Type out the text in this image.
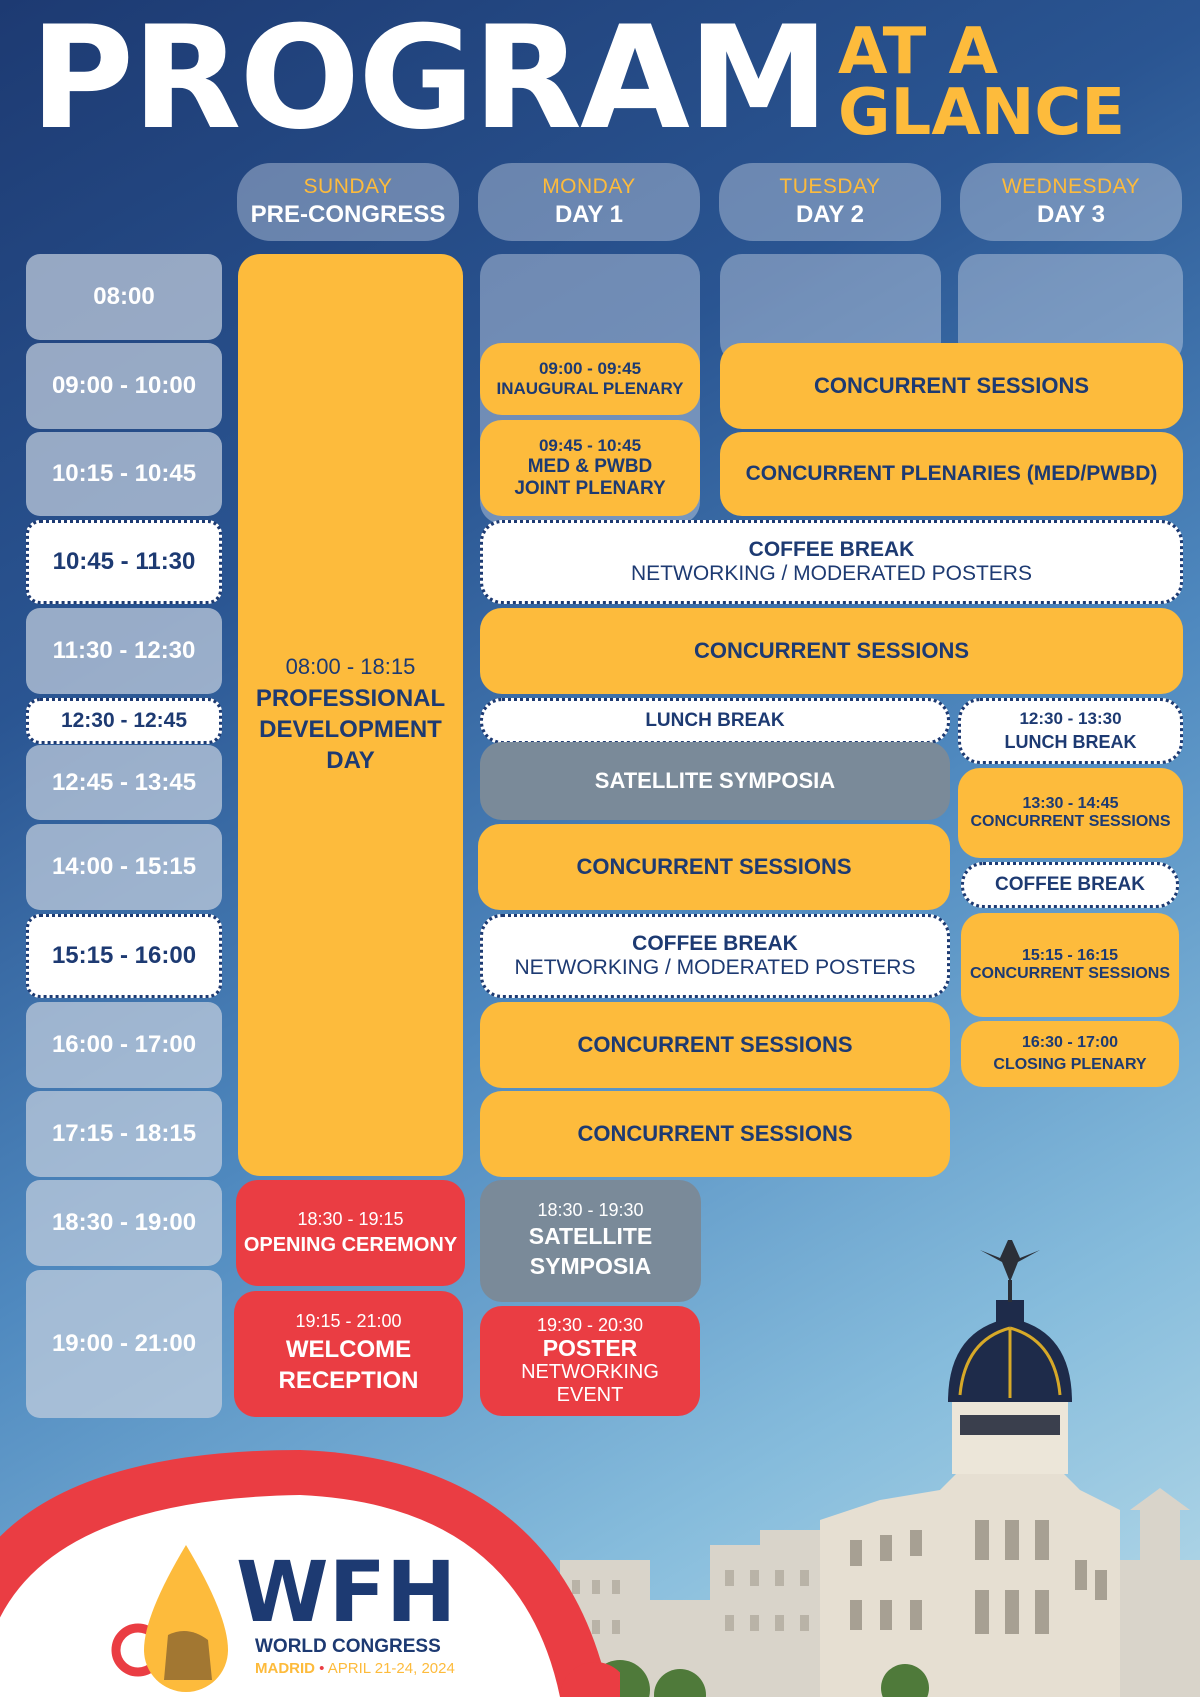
PROGRAM AT A
GLANCE
SUNDAY
PRE-CONGRESS
MONDAY
DAY 1
TUESDAY
DAY 2
WEDNESDAY
DAY 3
08:00
09:00 - 10:00
10:15 - 10:45
10:45 - 11:30
11:30 - 12:30
12:30 - 12:45
12:45 - 13:45
14:00 - 15:15
15:15 - 16:00
16:00 - 17:00
17:15 - 18:15
18:30 - 19:00
19:00 - 21:00
08:00 - 18:15
PROFESSIONAL
DEVELOPMENT
DAY
09:00 - 09:45
INAUGURAL PLENARY
09:45 - 10:45
MED & PWBD
JOINT PLENARY
CONCURRENT SESSIONS
CONCURRENT PLENARIES (MED/PWBD)
COFFEE BREAK
NETWORKING / MODERATED POSTERS
CONCURRENT SESSIONS
LUNCH BREAK
SATELLITE SYMPOSIA
CONCURRENT SESSIONS
COFFEE BREAK
NETWORKING / MODERATED POSTERS
CONCURRENT SESSIONS
CONCURRENT SESSIONS
12:30 - 13:30
LUNCH BREAK
13:30 - 14:45
CONCURRENT SESSIONS
COFFEE BREAK
15:15 - 16:15
CONCURRENT SESSIONS
16:30 - 17:00
CLOSING PLENARY
18:30 - 19:15
OPENING CEREMONY
19:15 - 21:00
WELCOME
RECEPTION
18:30 - 19:30
SATELLITE
SYMPOSIA
19:30 - 20:30
POSTER
NETWORKING
EVENT
WFH
WORLD CONGRESS
MADRID • APRIL 21-24, 2024
